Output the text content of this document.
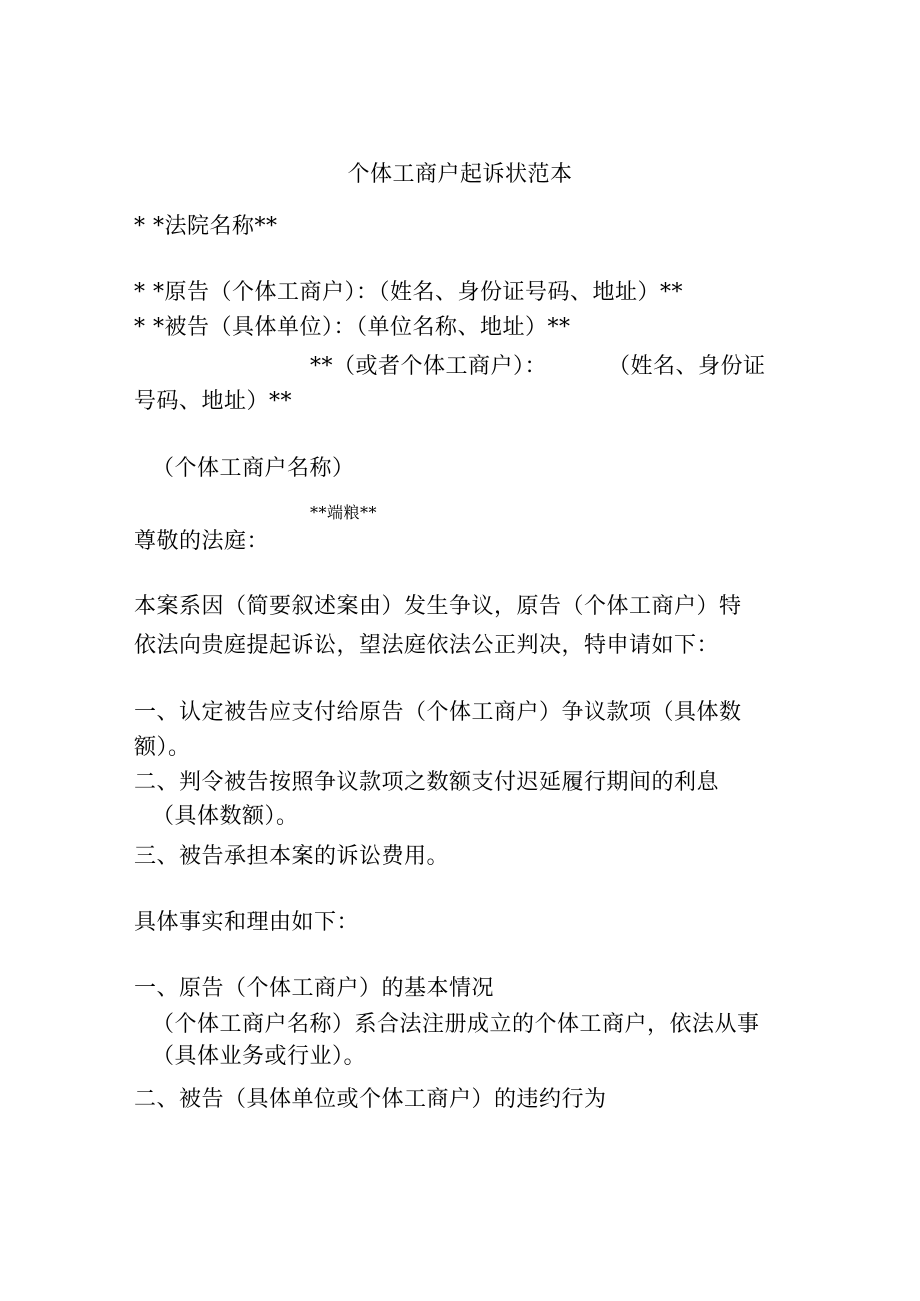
个体工商户起诉状范本
* *法院名称**
* *原告（个体工商户）：（姓名、身份证号码、地址）**
* *被告（具体单位）：（单位名称、地址）**
**（或者个体工商户）：	（姓名、身份证
号码、地址）**
（个体工商户名称）
**端粮**
尊敬的法庭：
本案系因（简要叙述案由）发生争议，原告（个体工商户）特
依法向贵庭提起诉讼，望法庭依法公正判决，特申请如下：
一、认定被告应支付给原告（个体工商户）争议款项（具体数
额）。
二、判令被告按照争议款项之数额支付迟延履行期间的利息
（具体数额）。
三、被告承担本案的诉讼费用。
具体事实和理由如下：
一、原告（个体工商户）的基本情况
（个体工商户名称）系合法注册成立的个体工商户，依法从事
（具体业务或行业）。
二、被告（具体单位或个体工商户）的违约行为
